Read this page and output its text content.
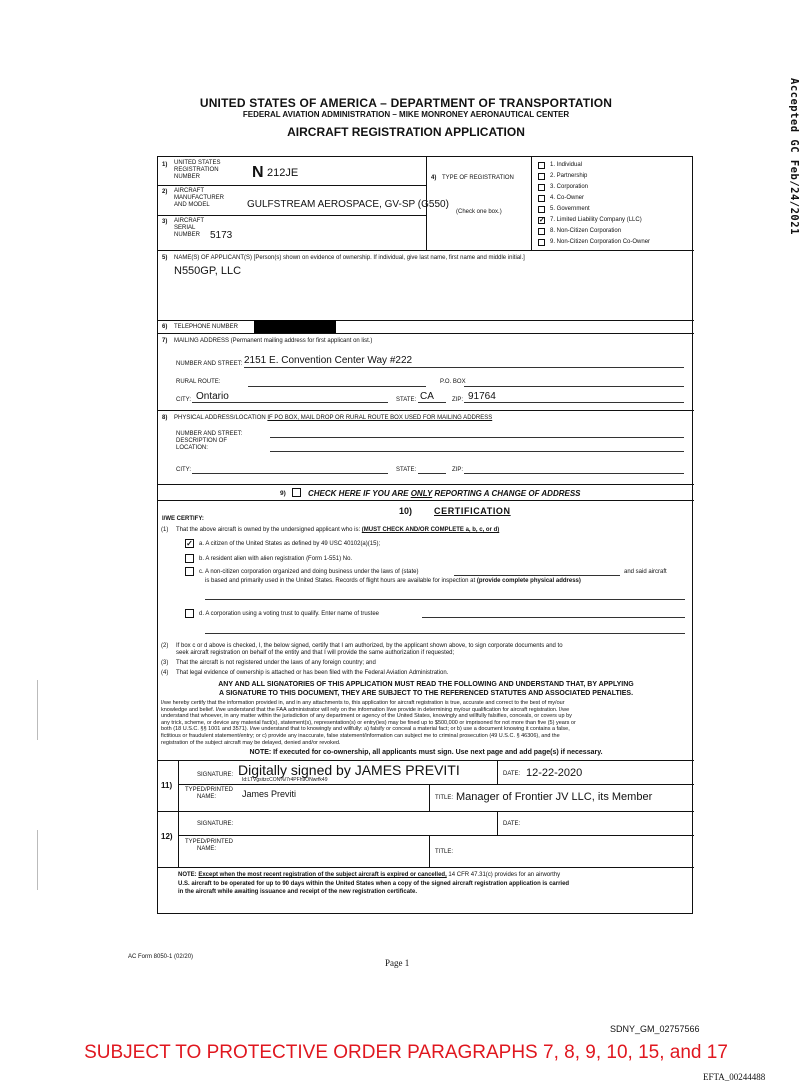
UNITED STATES OF AMERICA – DEPARTMENT OF TRANSPORTATION
FEDERAL AVIATION ADMINISTRATION – MIKE MONRONEY AERONAUTICAL CENTER
AIRCRAFT REGISTRATION APPLICATION	Accepted GC Feb/24/2021
1) UNITED STATES
REGISTRATION
NUMBER	N 212JE
2) AIRCRAFT
MANUFACTURER
AND MODEL	GULFSTREAM AEROSPACE, GV-SP (G550)
3) AIRCRAFT
SERIAL
NUMBER 5173
4) TYPE OF REGISTRATION
(Check one box.)
1. Individual
2. Partnership
3. Corporation
4. Co-Owner
5. Government
✓ 7. Limited Liability Company (LLC)
8. Non-Citizen Corporation
9. Non-Citizen Corporation Co-Owner
5) NAME(S) OF APPLICANT(S) [Person(s) shown on evidence of ownership. If individual, give last name, first name and middle initial.]
N550GP, LLC
6) TELEPHONE NUMBER
7) MAILING ADDRESS (Permanent mailing address for first applicant on list.)
NUMBER AND STREET: 2151 E. Convention Center Way #222
RURAL ROUTE:	P.O. BOX
CITY: Ontario	STATE: CA	ZIP: 91764
8) PHYSICAL ADDRESS/LOCATION IF PO BOX, MAIL DROP OR RURAL ROUTE BOX USED FOR MAILING ADDRESS
NUMBER AND STREET:
DESCRIPTION OF
LOCATION:
CITY:	STATE:	ZIP:
9)	CHECK HERE IF YOU ARE ONLY REPORTING A CHANGE OF ADDRESS
10) CERTIFICATION
I/WE CERTIFY:
(1) That the above aircraft is owned by the undersigned applicant who is: (MUST CHECK AND/OR COMPLETE a, b, c, or d)
✓ a. A citizen of the United States as defined by 49 USC 40102(a)(15);
b. A resident alien with alien registration (Form 1-551) No.
c. A non-citizen corporation organized and doing business under the laws of (state)	and said aircraft
is based and primarily used in the United States. Records of flight hours are available for inspection at (provide complete physical address)
d. A corporation using a voting trust to qualify. Enter name of trustee
(2) If box c or d above is checked, I, the below signed, certify that I am authorized, by the applicant shown above, to sign corporate documents and to
seek aircraft registration on behalf of the entity and that I will provide the same authorization if requested;
(3) That the aircraft is not registered under the laws of any foreign country; and
(4) That legal evidence of ownership is attached or has been filed with the Federal Aviation Administration.
ANY AND ALL SIGNATORIES OF THIS APPLICATION MUST READ THE FOLLOWING AND UNDERSTAND THAT, BY APPLYING
A SIGNATURE TO THIS DOCUMENT, THEY ARE SUBJECT TO THE REFERENCED STATUTES AND ASSOCIATED PENALTIES.
I/we hereby certify that the information provided in, and in any attachments to, this application for aircraft registration is true, accurate and correct to the best of my/our
knowledge and belief. I/we understand that the FAA administrator will rely on the information I/we provide in determining my/our qualification for aircraft registration. I/we
understand that whoever, in any matter within the jurisdiction of any department or agency of the United States, knowingly and willfully falsifies, conceals, or covers up by
any trick, scheme, or device any material fact(s), statement(s), representation(s) or entry(ies) may be fined up to $500,000 or imprisoned for not more than five (5) years or
both (18 U.S.C. §§ 1001 and 3571). I/we understand that to knowingly and willfully: a) falsify or conceal a material fact; or b) use a document knowing it contains a false,
fictitious or fraudulent statement/entry; or c) provide any inaccurate, false statement/information can subject me to criminal prosecution (49 U.S.C. § 46306), and the
registration of the subject aircraft may be delayed, denied and/or revoked.
NOTE: If executed for co-ownership, all applicants must sign. Use next page and add page(s) if necessary.
11)
SIGNATURE: Digitally signed by JAMES PREVITI
Id:LTVgsitzcCON%/7r4PFh9ONwrfk49
DATE: 12-22-2020
TYPED/PRINTED
NAME:	James Previti	TITLE: Manager of Frontier JV LLC, its Member
12)
SIGNATURE:	DATE:
TYPED/PRINTED
NAME:	TITLE:
NOTE: Except when the most recent registration of the subject aircraft is expired or cancelled, 14 CFR 47.31(c) provides for an airworthy
U.S. aircraft to be operated for up to 90 days within the United States when a copy of the signed aircraft registration application is carried
in the aircraft while awaiting issuance and receipt of the new registration certificate.
AC Form 8050-1 (02/20)
Page 1
SDNY_GM_02757566
SUBJECT TO PROTECTIVE ORDER PARAGRAPHS 7, 8, 9, 10, 15, and 17
EFTA_00244488
